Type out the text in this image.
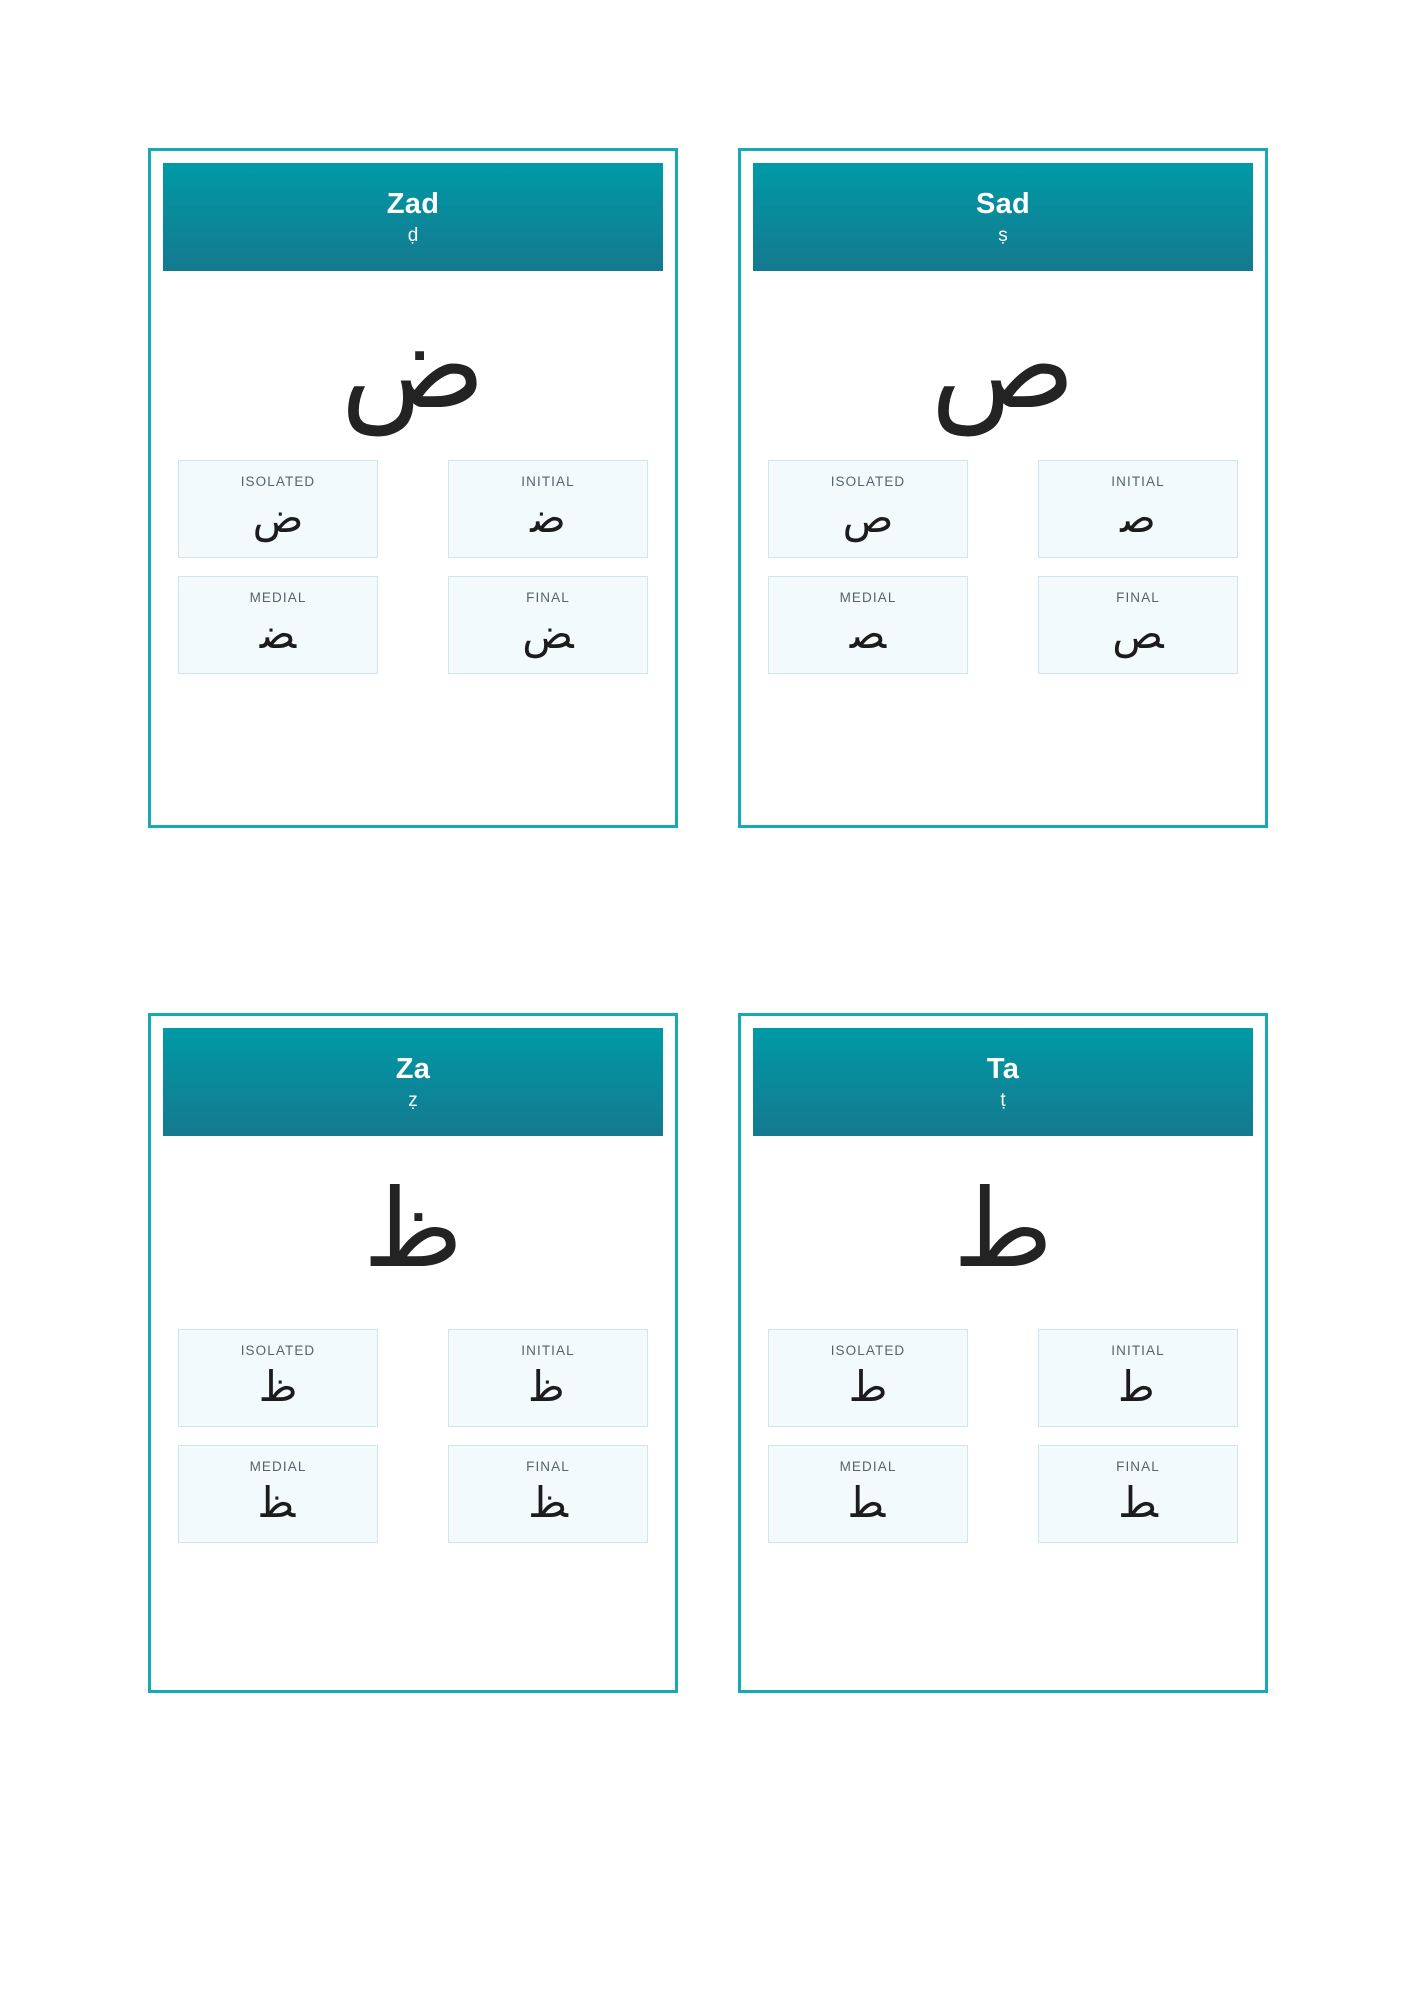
Zad
ḍ
ض
ISOLATED
ض
INITIAL
ﺿ
MEDIAL
ﻀ
FINAL
ﺾ
Sad
ṣ
ص
ISOLATED
ص
INITIAL
ﺻ
MEDIAL
ﺼ
FINAL
ﺺ
Za
ẓ
ظ
ISOLATED
ظ
INITIAL
ﻇ
MEDIAL
ﻈ
FINAL
ﻆ
Ta
ṭ
ط
ISOLATED
ط
INITIAL
ﻃ
MEDIAL
ﻄ
FINAL
ﻂ
